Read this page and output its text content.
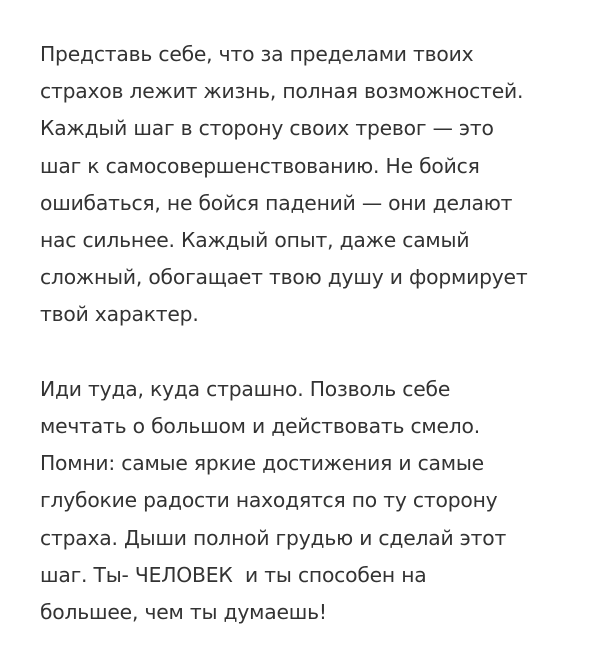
Представь себе, что за пределами твоих
страхов лежит жизнь, полная возможностей.
Каждый шаг в сторону своих тревог — это
шаг к самосовершенствованию. Не бойся
ошибаться, не бойся падений — они делают
нас сильнее. Каждый опыт, даже самый
сложный, обогащает твою душу и формирует
твой характер.

Иди туда, куда страшно. Позволь себе
мечтать о большом и действовать смело.
Помни: самые яркие достижения и самые
глубокие радости находятся по ту сторону
страха. Дыши полной грудью и сделай этот
шаг. Ты- ЧЕЛОВЕК  и ты способен на
большее, чем ты думаешь!
